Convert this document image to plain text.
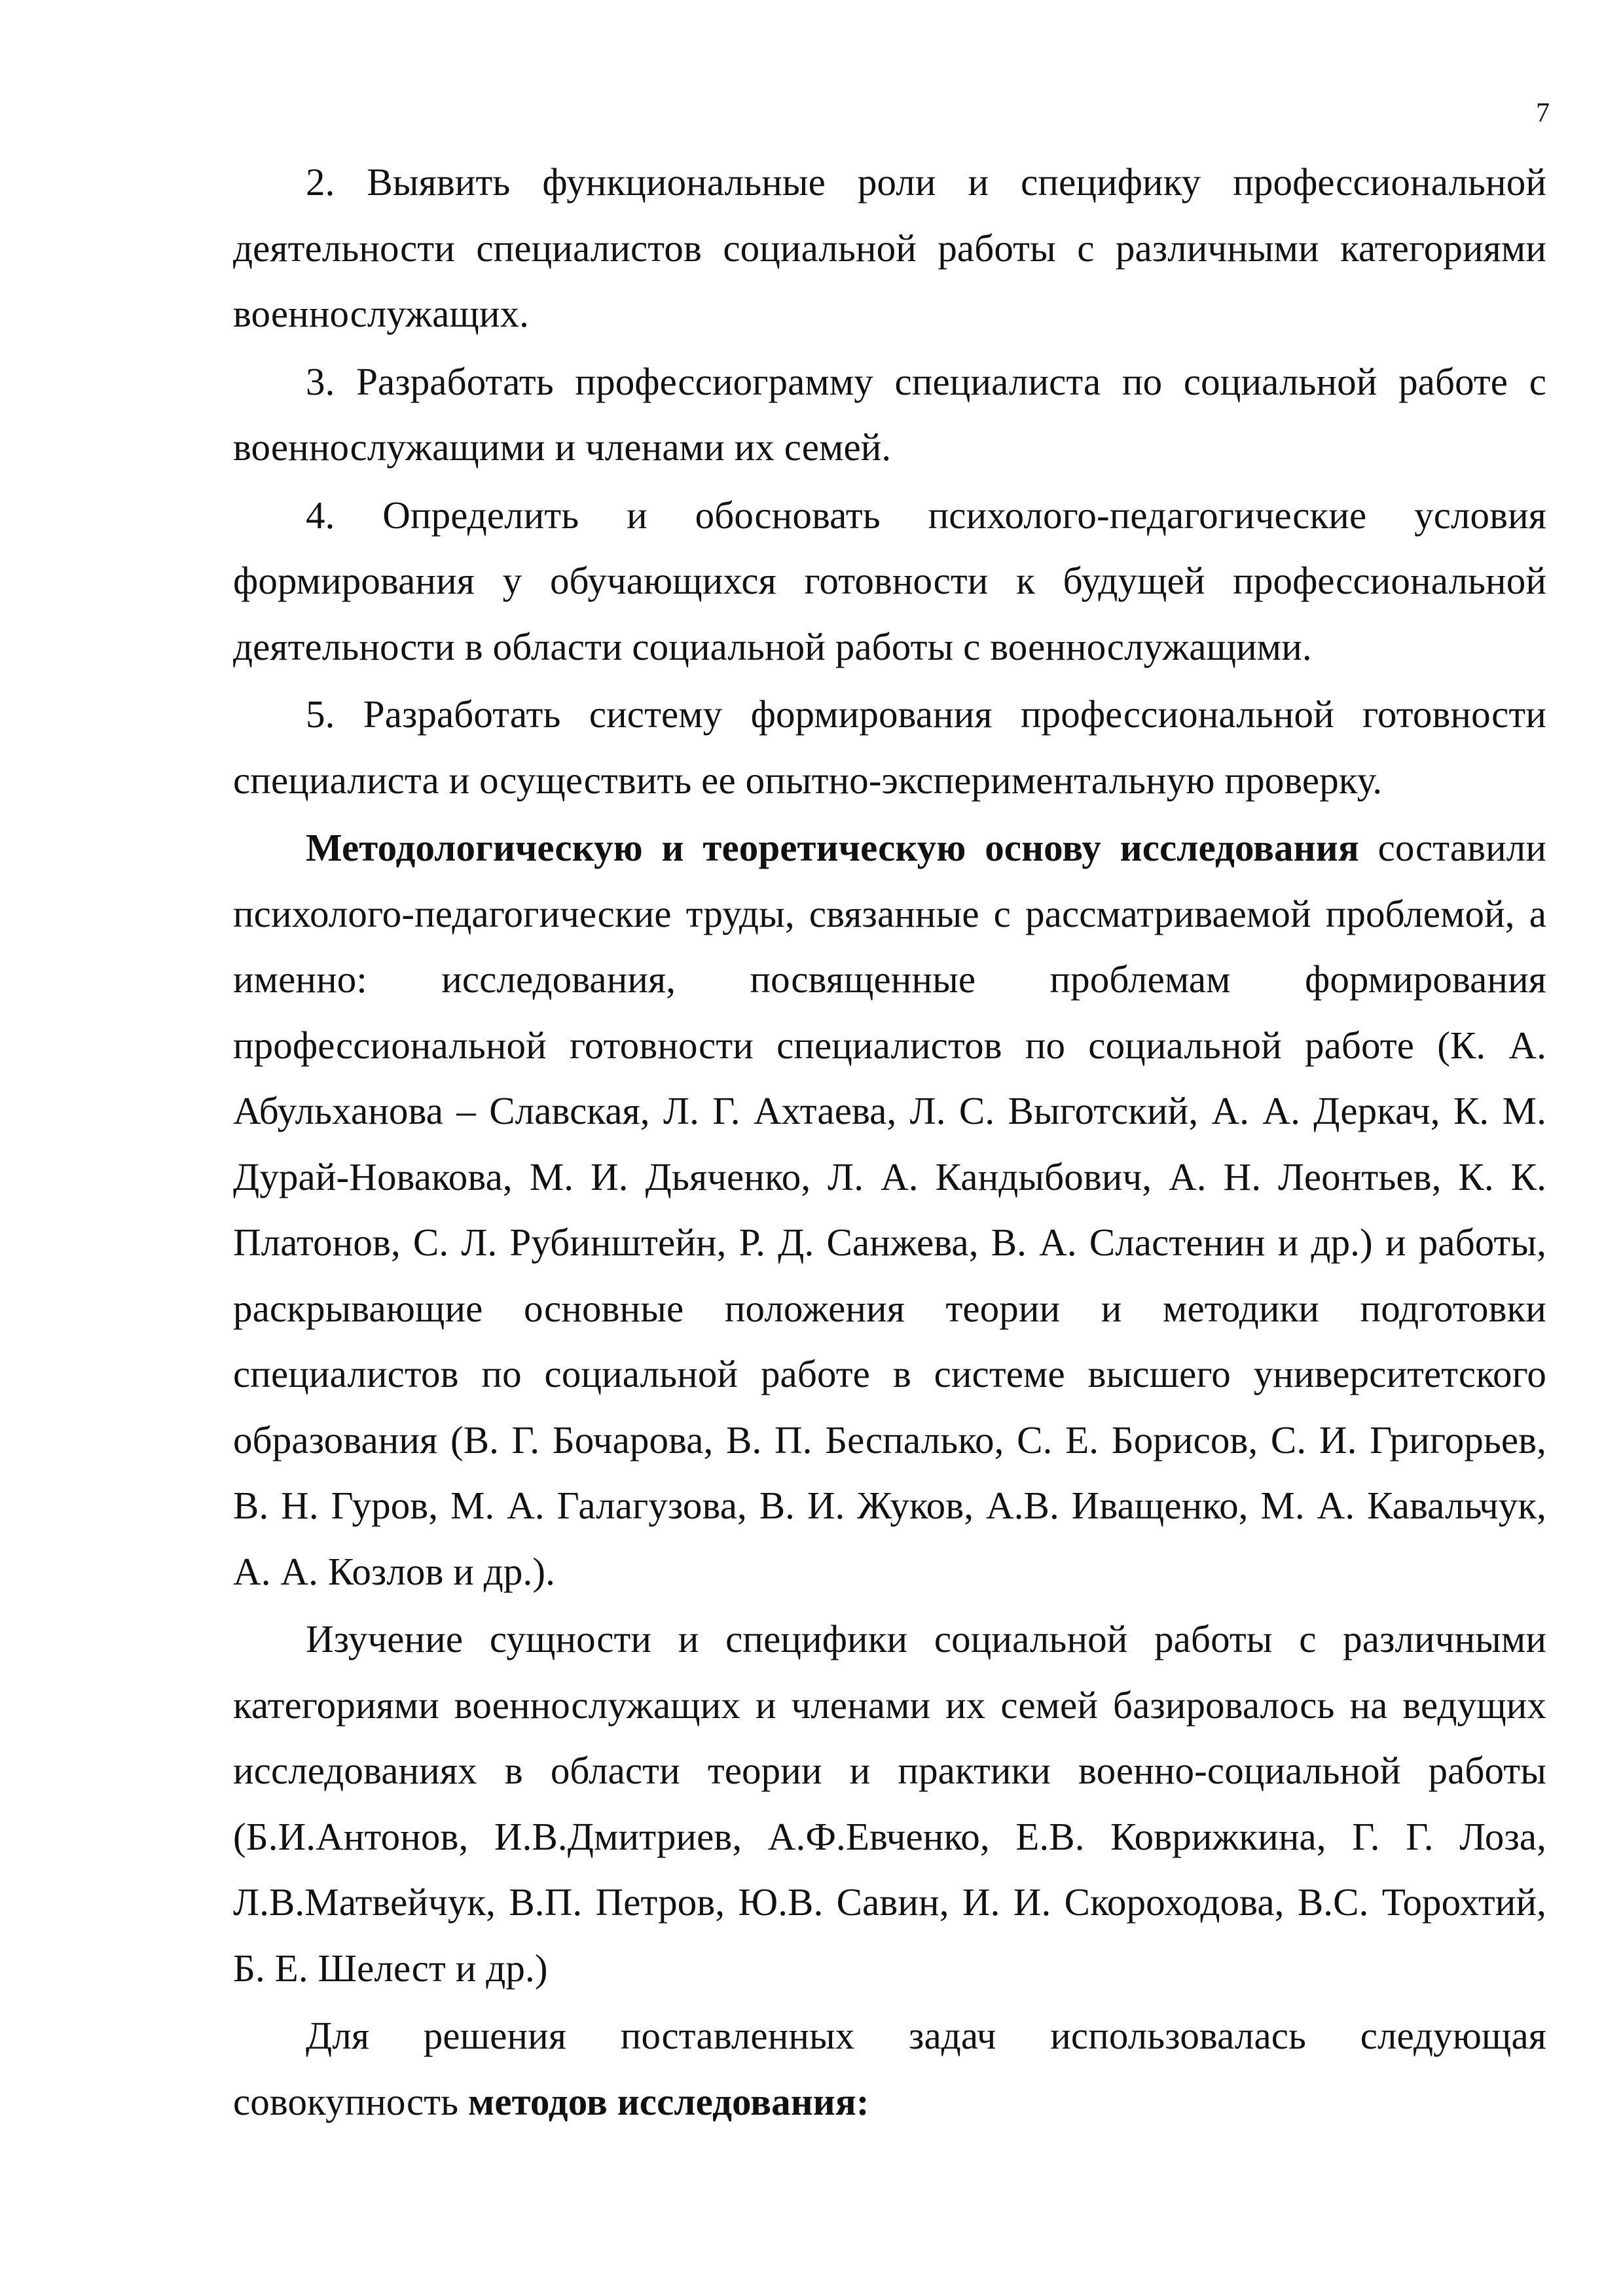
7

2. Выявить функциональные роли и специфику профессиональной деятельности специалистов социальной работы с различными категориями военнослужащих.

3. Разработать профессиограмму специалиста по социальной работе с военнослужащими и членами их семей.

4. Определить и обосновать психолого-педагогические условия формирования у обучающихся готовности к будущей профессиональной деятельности в области социальной работы с военнослужащими.

5. Разработать систему формирования профессиональной готовности специалиста и осуществить ее опытно-экспериментальную проверку.

Методологическую и теоретическую основу исследования составили психолого-педагогические труды, связанные с рассматриваемой проблемой, а именно: исследования, посвященные проблемам формирования профессиональной готовности специалистов по социальной работе (К. А. Абульханова – Славская, Л. Г. Ахтаева, Л. С. Выготский, А. А. Деркач, К. М. Дурай-Новакова, М. И. Дьяченко, Л. А. Кандыбович, А. Н. Леонтьев, К. К. Платонов, С. Л. Рубинштейн, Р. Д. Санжева, В. А. Сластенин и др.) и работы, раскрывающие основные положения теории и методики подготовки специалистов по социальной работе в системе высшего университетского образования (В. Г. Бочарова, В. П. Беспалько, С. Е. Борисов, С. И. Григорьев, В. Н. Гуров, М. А. Галагузова, В. И. Жуков, А.В. Иващенко, М. А. Кавальчук, А. А. Козлов и др.).

Изучение сущности и специфики социальной работы с различными категориями военнослужащих и членами их семей базировалось на ведущих исследованиях в области теории и практики военно-социальной работы (Б.И.Антонов, И.В.Дмитриев, А.Ф.Евченко, Е.В. Коврижкина, Г. Г. Лоза, Л.В.Матвейчук, В.П. Петров, Ю.В. Савин, И. И. Скороходова, В.С. Торохтий, Б. Е. Шелест и др.)

Для решения поставленных задач использовалась следующая совокупность методов исследования:
